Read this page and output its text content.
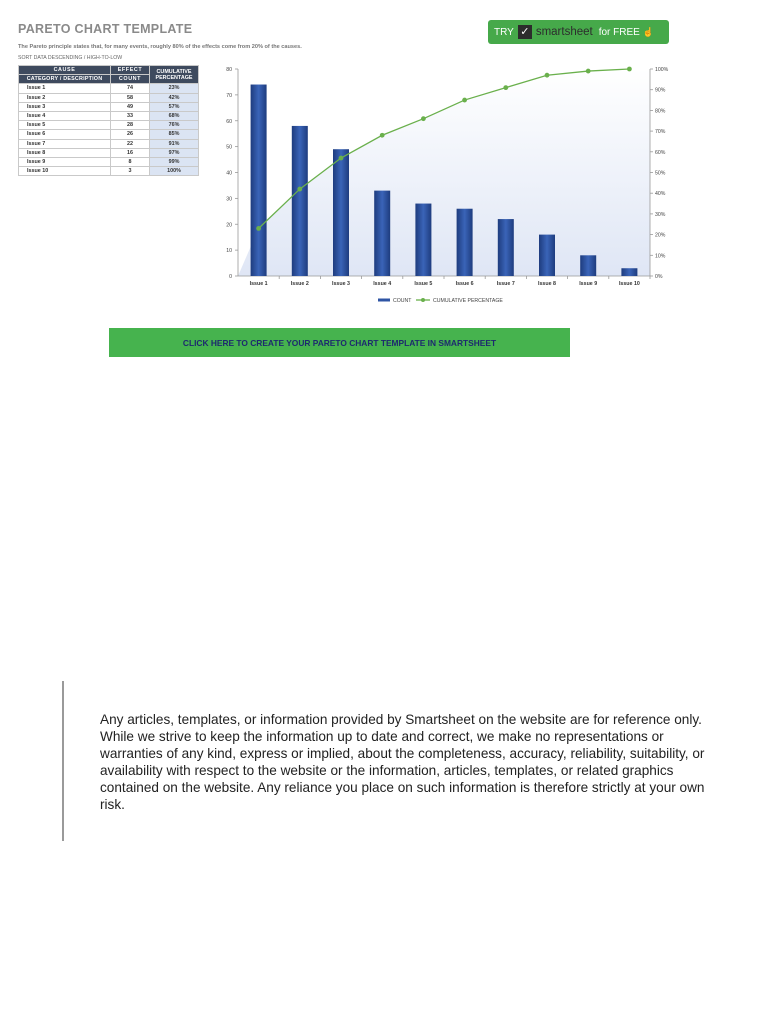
PARETO CHART TEMPLATE
The Pareto principle states that, for many events, roughly 80% of the effects come from 20% of the causes.
SORT DATA DESCENDING / HIGH-TO-LOW
TRY ✓ smartsheet for FREE ☝
CAUSE	EFFECT	CUMULATIVE PERCENTAGE
CATEGORY / DESCRIPTION	COUNT	
Issue 1	74	23%
Issue 2	58	42%
Issue 3	49	57%
Issue 4	33	68%
Issue 5	28	76%
Issue 6	26	85%
Issue 7	22	91%
Issue 8	16	97%
Issue 9	8	99%
Issue 10	3	100%
0
10
20
30
40
50
60
70
80
0%
10%
20%
30%
40%
50%
60%
70%
80%
90%
100%
Issue 1	Issue 2	Issue 3	Issue 4	Issue 5	Issue 6	Issue 7	Issue 8	Issue 9	Issue 10
COUNT	CUMULATIVE PERCENTAGE
CLICK HERE TO CREATE YOUR PARETO CHART TEMPLATE IN SMARTSHEET

Any articles, templates, or information provided by Smartsheet on the website are for reference only. While we strive to keep the information up to date and correct, we make no representations or warranties of any kind, express or implied, about the completeness, accuracy, reliability, suitability, or availability with respect to the website or the information, articles, templates, or related graphics contained on the website. Any reliance you place on such information is therefore strictly at your own risk.
